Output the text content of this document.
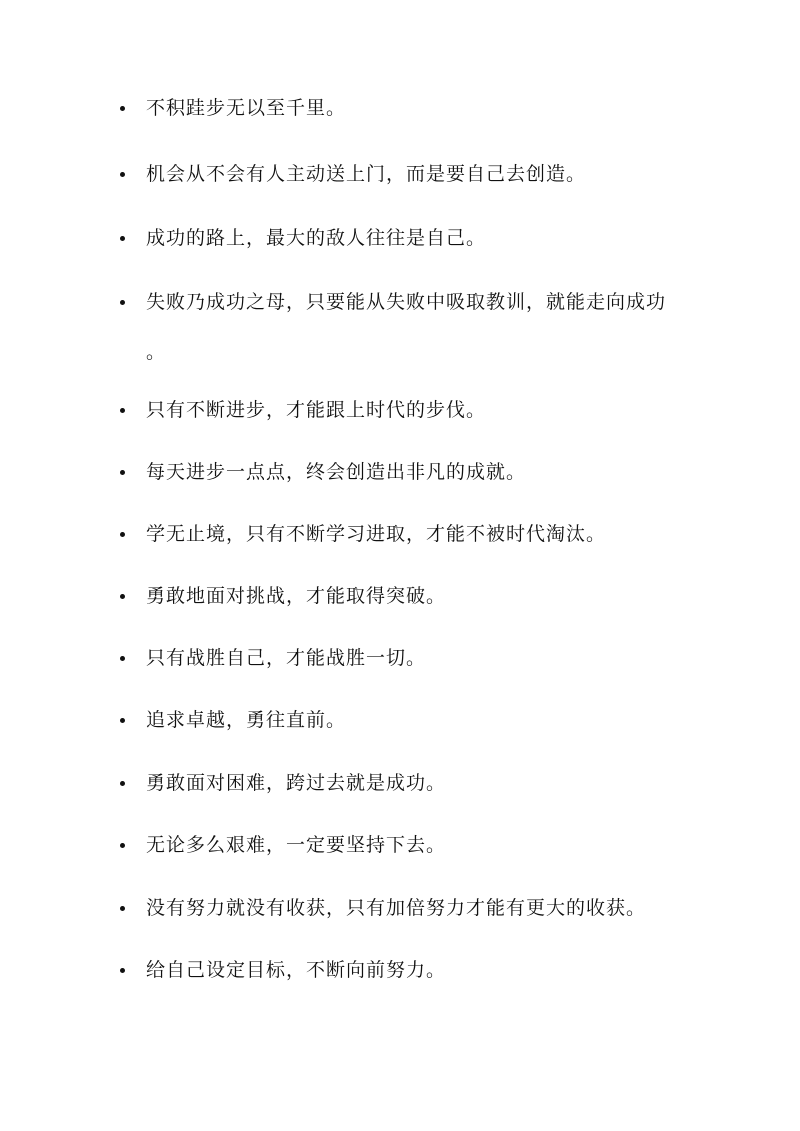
不积跬步无以至千里。
机会从不会有人主动送上门，而是要自己去创造。
成功的路上，最大的敌人往往是自己。
失败乃成功之母，只要能从失败中吸取教训，就能走向成功
。
只有不断进步，才能跟上时代的步伐。
每天进步一点点，终会创造出非凡的成就。
学无止境，只有不断学习进取，才能不被时代淘汰。
勇敢地面对挑战，才能取得突破。
只有战胜自己，才能战胜一切。
追求卓越，勇往直前。
勇敢面对困难，跨过去就是成功。
无论多么艰难，一定要坚持下去。
没有努力就没有收获，只有加倍努力才能有更大的收获。
给自己设定目标，不断向前努力。
